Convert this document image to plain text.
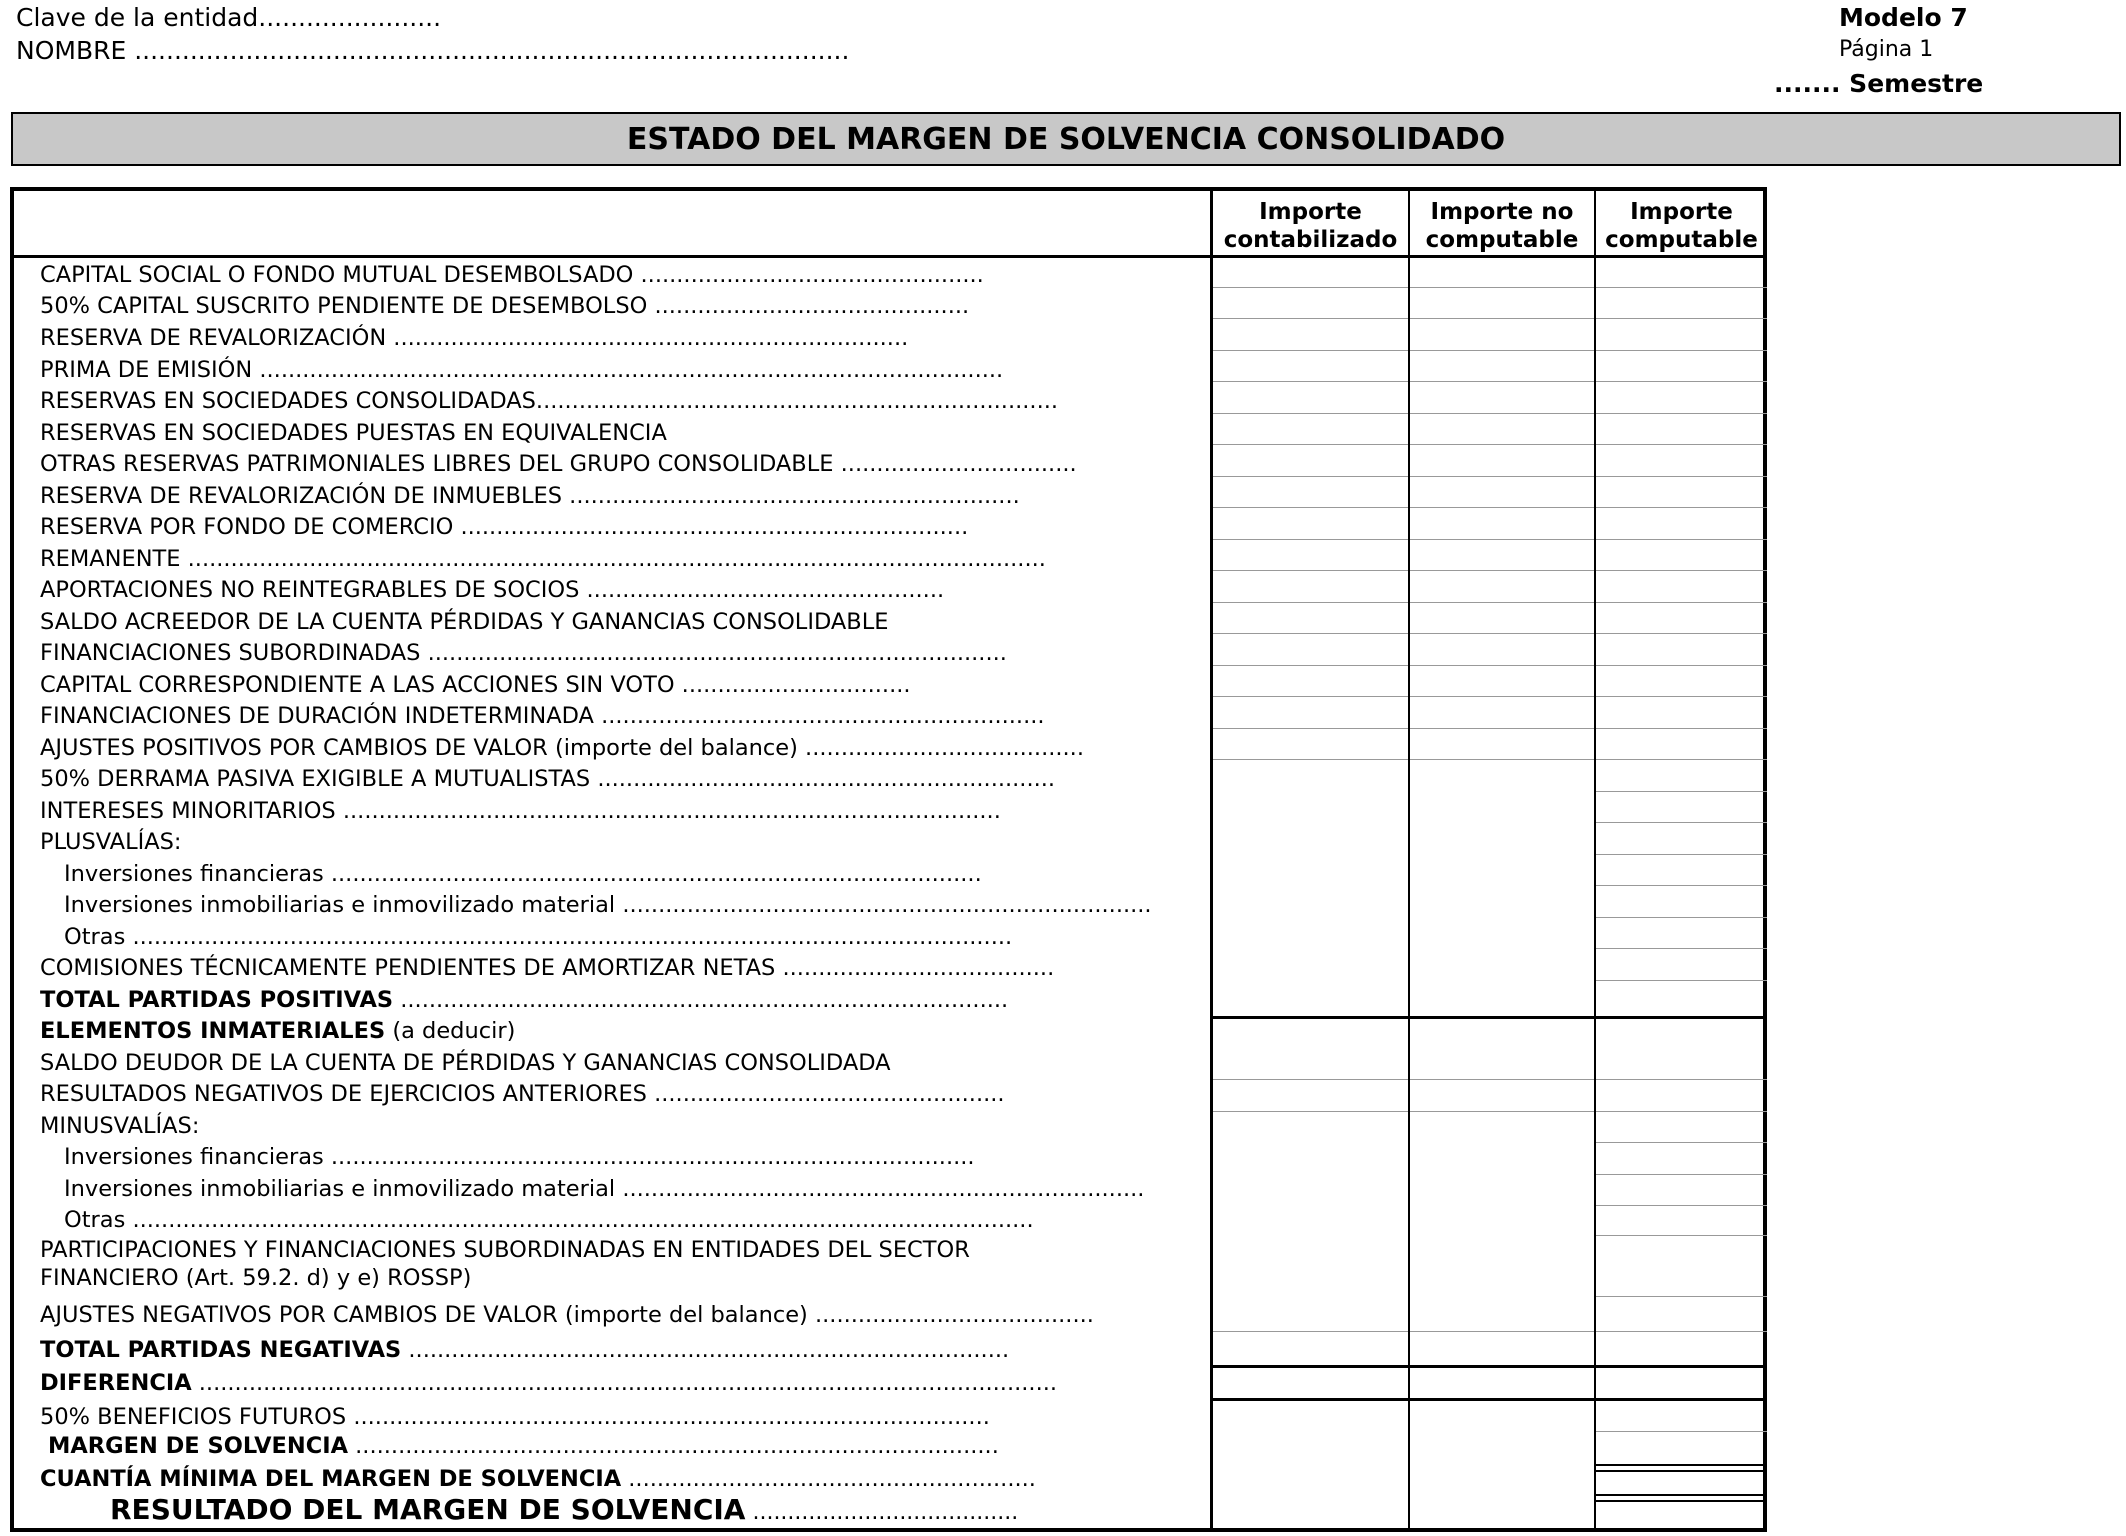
Clave de la entidad.......................
NOMBRE ..........................................................................................
Modelo 7
Página 1
....... Semestre
ESTADO DEL MARGEN DE SOLVENCIA CONSOLIDADO
Importe contabilizado
Importe no computable
Importe computable
CAPITAL SOCIAL O FONDO MUTUAL DESEMBOLSADO ................................................
50% CAPITAL SUSCRITO PENDIENTE DE DESEMBOLSO ............................................
RESERVA DE REVALORIZACIÓN ........................................................................
PRIMA DE EMISIÓN ........................................................................................................
RESERVAS EN SOCIEDADES CONSOLIDADAS.........................................................................
RESERVAS EN SOCIEDADES PUESTAS EN EQUIVALENCIA
OTRAS RESERVAS PATRIMONIALES LIBRES DEL GRUPO CONSOLIDABLE .................................
RESERVA DE REVALORIZACIÓN DE INMUEBLES ...............................................................
RESERVA POR FONDO DE COMERCIO .......................................................................
REMANENTE ........................................................................................................................
APORTACIONES NO REINTEGRABLES DE SOCIOS ..................................................
SALDO ACREEDOR DE LA CUENTA PÉRDIDAS Y GANANCIAS CONSOLIDABLE
FINANCIACIONES SUBORDINADAS .................................................................................
CAPITAL CORRESPONDIENTE A LAS ACCIONES SIN VOTO ................................
FINANCIACIONES DE DURACIÓN INDETERMINADA ..............................................................
AJUSTES POSITIVOS POR CAMBIOS DE VALOR (importe del balance) .......................................
50% DERRAMA PASIVA EXIGIBLE A MUTUALISTAS ................................................................
INTERESES MINORITARIOS ............................................................................................
PLUSVALÍAS:
Inversiones financieras ...........................................................................................
Inversiones inmobiliarias e inmovilizado material ..........................................................................
Otras ...........................................................................................................................
COMISIONES TÉCNICAMENTE PENDIENTES DE AMORTIZAR NETAS ......................................
TOTAL PARTIDAS POSITIVAS .....................................................................................
ELEMENTOS INMATERIALES (a deducir)
SALDO DEUDOR DE LA CUENTA DE PÉRDIDAS Y GANANCIAS CONSOLIDADA
RESULTADOS NEGATIVOS DE EJERCICIOS ANTERIORES .................................................
MINUSVALÍAS:
Inversiones financieras ..........................................................................................
Inversiones inmobiliarias e inmovilizado material .........................................................................
Otras ..............................................................................................................................
PARTICIPACIONES Y FINANCIACIONES SUBORDINADAS EN ENTIDADES DEL SECTOR
FINANCIERO (Art. 59.2. d) y e) ROSSP)
AJUSTES NEGATIVOS POR CAMBIOS DE VALOR (importe del balance) .......................................
TOTAL PARTIDAS NEGATIVAS ....................................................................................
DIFERENCIA ........................................................................................................................
50% BENEFICIOS FUTUROS .........................................................................................
MARGEN DE SOLVENCIA ..........................................................................................
CUANTÍA MÍNIMA DEL MARGEN DE SOLVENCIA .........................................................
RESULTADO DEL MARGEN DE SOLVENCIA ......................................
